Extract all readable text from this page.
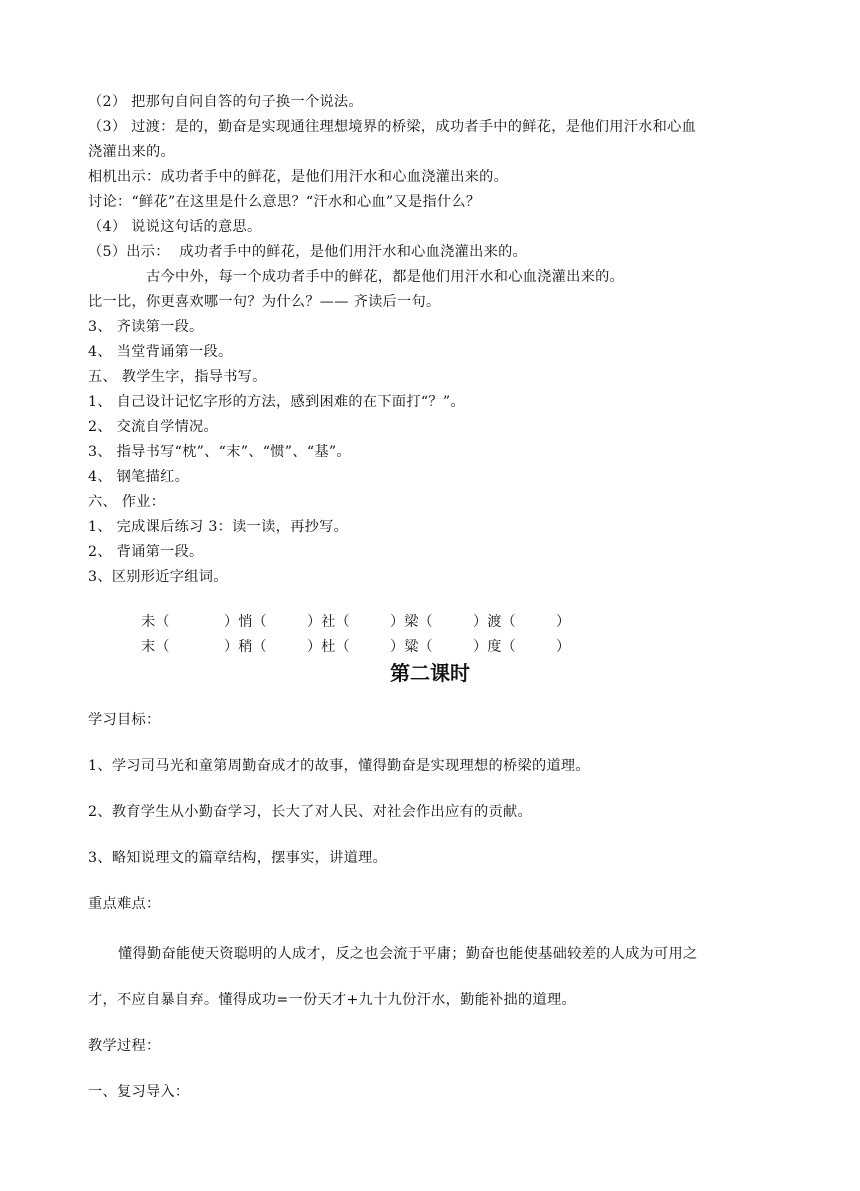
（2） 把那句自问自答的句子换一个说法。
（3） 过渡：是的，勤奋是实现通往理想境界的桥梁，成功者手中的鲜花，是他们用汗水和心血
浇灌出来的。
相机出示：成功者手中的鲜花，是他们用汗水和心血浇灌出来的。
讨论：“鲜花”在这里是什么意思？“汗水和心血”又是指什么？
（4） 说说这句话的意思。
（5）出示：  成功者手中的鲜花，是他们用汗水和心血浇灌出来的。
古今中外，每一个成功者手中的鲜花，都是他们用汗水和心血浇灌出来的。
比一比，你更喜欢哪一句？为什么？—— 齐读后一句。
3、 齐读第一段。
4、 当堂背诵第一段。
五、 教学生字，指导书写。
1、 自己设计记忆字形的方法，感到困难的在下面打“？”。
2、 交流自学情况。
3、 指导书写“枕”、“末”、“惯”、“基”。
4、 钢笔描红。
六、 作业：
1、 完成课后练习 3：读一读，再抄写。
2、 背诵第一段。
3、区别形近字组词。

未（	）悄（	）社（	）梁（	）渡（	）

末（	）稍（	）杜（	）粱（	）度（	）

第二课时
学习目标：
1、学习司马光和童第周勤奋成才的故事，懂得勤奋是实现理想的桥梁的道理。
2、教育学生从小勤奋学习，长大了对人民、对社会作出应有的贡献。
3、略知说理文的篇章结构，摆事实，讲道理。
重点难点：
懂得勤奋能使天资聪明的人成才，反之也会流于平庸；勤奋也能使基础较差的人成为可用之
才，不应自暴自弃。懂得成功=一份天才+九十九份汗水，勤能补拙的道理。
教学过程：
一、复习导入：
